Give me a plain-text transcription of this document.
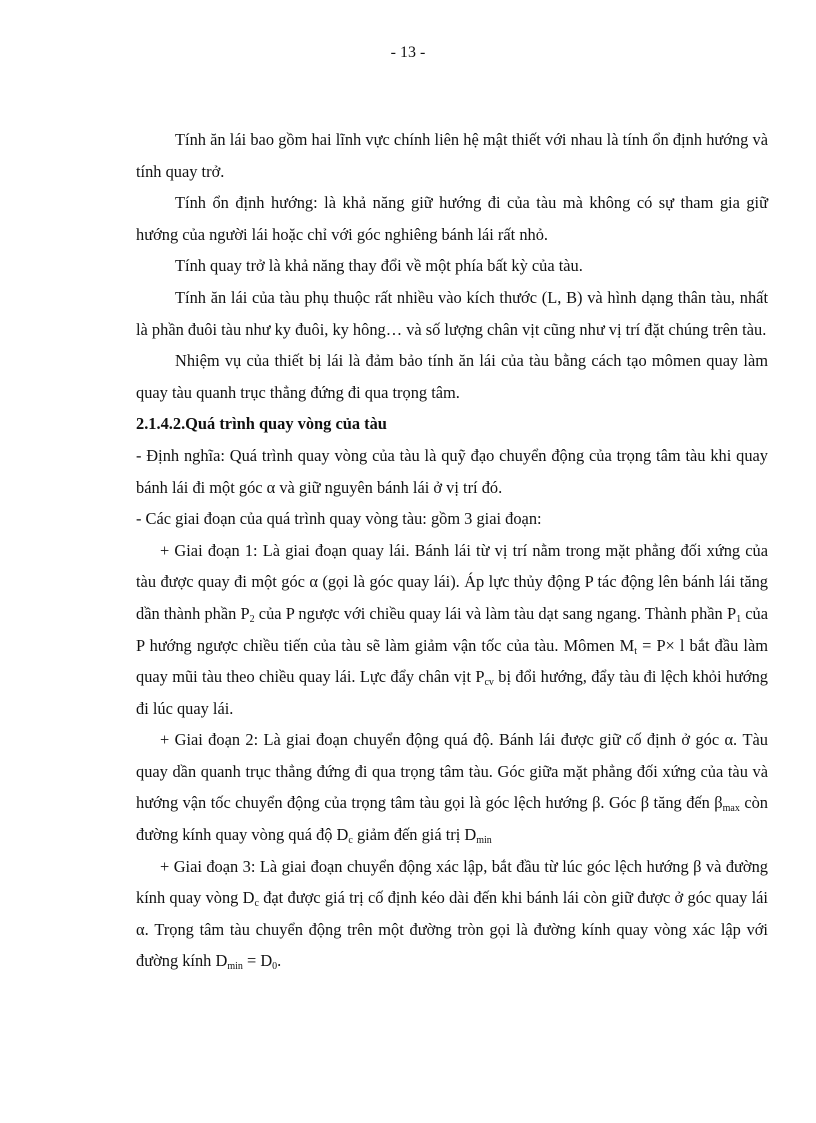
- 13 -

Tính ăn lái bao gồm hai lĩnh vực chính liên hệ mật thiết với nhau là tính ổn định hướng và tính quay trở.

Tính ổn định hướng: là khả năng giữ hướng đi của tàu mà không có sự tham gia giữ hướng của người lái hoặc chỉ với góc nghiêng bánh lái rất nhỏ.

Tính quay trở là khả năng thay đổi về một phía bất kỳ của tàu.

Tính ăn lái của tàu phụ thuộc rất nhiều vào kích thước (L, B) và hình dạng thân tàu, nhất là phần đuôi tàu như ky đuôi, ky hông… và số lượng chân vịt cũng như vị trí đặt chúng trên tàu.

Nhiệm vụ của thiết bị lái là đảm bảo tính ăn lái của tàu bằng cách tạo mômen quay làm quay tàu quanh trục thẳng đứng đi qua trọng tâm.

2.1.4.2.Quá trình quay vòng của tàu

- Định nghĩa: Quá trình quay vòng của tàu là quỹ đạo chuyển động của trọng tâm tàu khi quay bánh lái đi một góc α và giữ nguyên bánh lái ở vị trí đó.

- Các giai đoạn của quá trình quay vòng tàu: gồm 3 giai đoạn:

+ Giai đoạn 1: Là giai đoạn quay lái. Bánh lái từ vị trí nằm trong mặt phẳng đối xứng của tàu được quay đi một góc α (gọi là góc quay lái). Áp lực thủy động P tác động lên bánh lái tăng dần thành phần $P_2$ của P ngược với chiều quay lái và làm tàu dạt sang ngang. Thành phần $P_1$ của P hướng ngược chiều tiến của tàu sẽ làm giảm vận tốc của tàu. Mômen $M_t = P\times l$ bắt đầu làm quay mũi tàu theo chiều quay lái. Lực đẩy chân vịt $P_{cv}$ bị đổi hướng, đẩy tàu đi lệch khỏi hướng đi lúc quay lái.

+ Giai đoạn 2: Là giai đoạn chuyển động quá độ. Bánh lái được giữ cố định ở góc α. Tàu quay dần quanh trục thẳng đứng đi qua trọng tâm tàu. Góc giữa mặt phẳng đối xứng của tàu và hướng vận tốc chuyển động của trọng tâm tàu gọi là góc lệch hướng β. Góc β tăng đến $\beta_{max}$ còn đường kính quay vòng quá độ $D_c$ giảm đến giá trị $D_{min}$

+ Giai đoạn 3: Là giai đoạn chuyển động xác lập, bắt đầu từ lúc góc lệch hướng β và đường kính quay vòng $D_c$ đạt được giá trị cố định kéo dài đến khi bánh lái còn giữ được ở góc quay lái α. Trọng tâm tàu chuyển động trên một đường tròn gọi là đường kính quay vòng xác lập với đường kính $D_{min} = D_0$.
